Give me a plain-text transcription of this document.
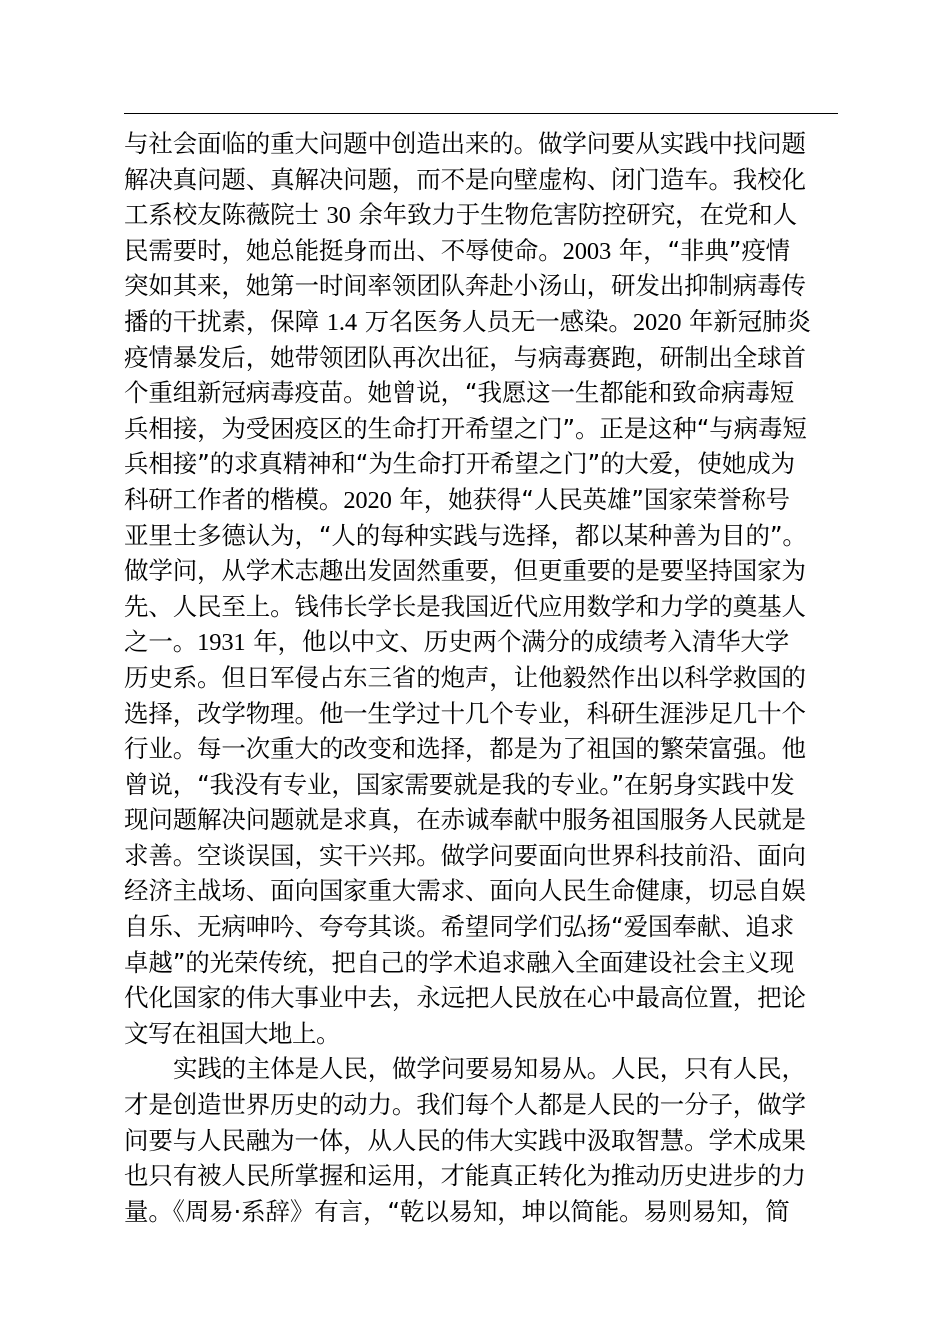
与社会面临的重大问题中创造出来的。做学问要从实践中找问题
解决真问题、真解决问题，而不是向壁虚构、闭门造车。我校化
工系校友陈薇院士 30 余年致力于生物危害防控研究，在党和人
民需要时，她总能挺身而出、不辱使命。2003 年，“非典”疫情
突如其来，她第一时间率领团队奔赴小汤山，研发出抑制病毒传
播的干扰素，保障 1.4 万名医务人员无一感染。2020 年新冠肺炎
疫情暴发后，她带领团队再次出征，与病毒赛跑，研制出全球首
个重组新冠病毒疫苗。她曾说，“我愿这一生都能和致命病毒短
兵相接，为受困疫区的生命打开希望之门”。正是这种“与病毒短
兵相接”的求真精神和“为生命打开希望之门”的大爱，使她成为
科研工作者的楷模。2020 年，她获得“人民英雄”国家荣誉称号
亚里士多德认为，“人的每种实践与选择，都以某种善为目的”。
做学问，从学术志趣出发固然重要，但更重要的是要坚持国家为
先、人民至上。钱伟长学长是我国近代应用数学和力学的奠基人
之一。1931 年，他以中文、历史两个满分的成绩考入清华大学
历史系。但日军侵占东三省的炮声，让他毅然作出以科学救国的
选择，改学物理。他一生学过十几个专业，科研生涯涉足几十个
行业。每一次重大的改变和选择，都是为了祖国的繁荣富强。他
曾说，“我没有专业，国家需要就是我的专业。”在躬身实践中发
现问题解决问题就是求真，在赤诚奉献中服务祖国服务人民就是
求善。空谈误国，实干兴邦。做学问要面向世界科技前沿、面向
经济主战场、面向国家重大需求、面向人民生命健康，切忌自娱
自乐、无病呻吟、夸夸其谈。希望同学们弘扬“爱国奉献、追求
卓越”的光荣传统，把自己的学术追求融入全面建设社会主义现
代化国家的伟大事业中去，永远把人民放在心中最高位置，把论
文写在祖国大地上。
实践的主体是人民，做学问要易知易从。人民，只有人民，
才是创造世界历史的动力。我们每个人都是人民的一分子，做学
问要与人民融为一体，从人民的伟大实践中汲取智慧。学术成果
也只有被人民所掌握和运用，才能真正转化为推动历史进步的力
量。《周易·系辞》有言，“乾以易知，坤以简能。易则易知，简
